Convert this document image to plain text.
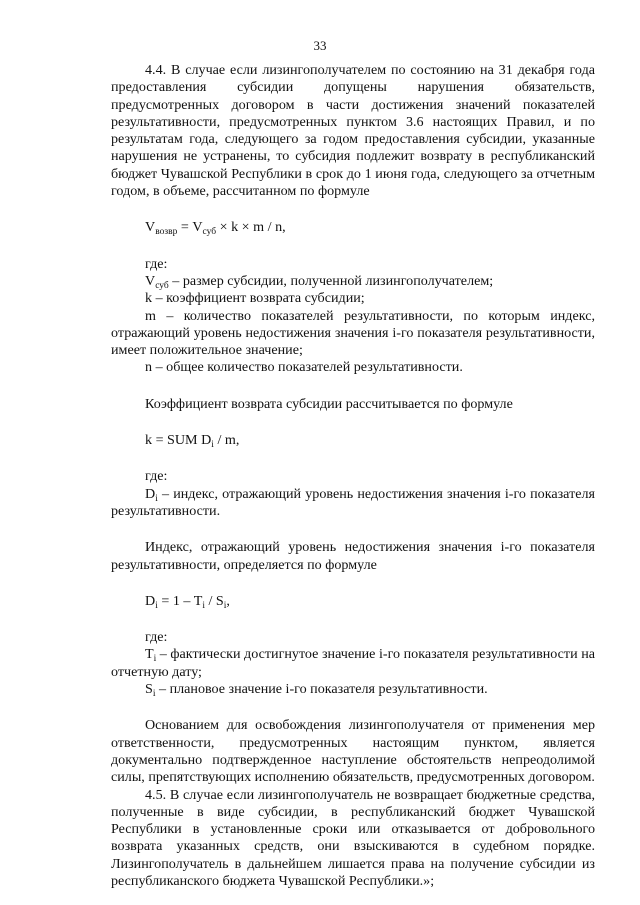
33

4.4. В случае если лизингополучателем по состоянию на 31 декабря года предоставления субсидии допущены нарушения обязательств, предусмотренных договором в части достижения значений показателей результативности, предусмотренных пунктом 3.6 настоящих Правил, и по результатам года, следующего за годом предоставления субсидии, указанные нарушения не устранены, то субсидия подлежит возврату в республиканский бюджет Чувашской Республики в срок до 1 июня года, следующего за отчетным годом, в объеме, рассчитанном по формуле

$V_{возвр} = V_{суб} \times k \times m / n$,

где:

$V_{суб}$ – размер субсидии, полученной лизингополучателем;

k – коэффициент возврата субсидии;

m – количество показателей результативности, по которым индекс, отражающий уровень недостижения значения i-го показателя результативности, имеет положительное значение;

n – общее количество показателей результативности.

Коэффициент возврата субсидии рассчитывается по формуле

k = SUM $D_i$ / m,

где:

$D_i$ – индекс, отражающий уровень недостижения значения i-го показателя результативности.

Индекс, отражающий уровень недостижения значения i-го показателя результативности, определяется по формуле

$D_i = 1 - T_i / S_i$,

где:

$T_i$ – фактически достигнутое значение i-го показателя результативности на отчетную дату;

$S_i$ – плановое значение i-го показателя результативности.

Основанием для освобождения лизингополучателя от применения мер ответственности, предусмотренных настоящим пунктом, является документально подтвержденное наступление обстоятельств непреодолимой силы, препятствующих исполнению обязательств, предусмотренных договором.

4.5. В случае если лизингополучатель не возвращает бюджетные средства, полученные в виде субсидии, в республиканский бюджет Чувашской Республики в установленные сроки или отказывается от добровольного возврата указанных средств, они взыскиваются в судебном порядке. Лизингополучатель в дальнейшем лишается права на получение субсидии из республиканского бюджета Чувашской Республики.»;
